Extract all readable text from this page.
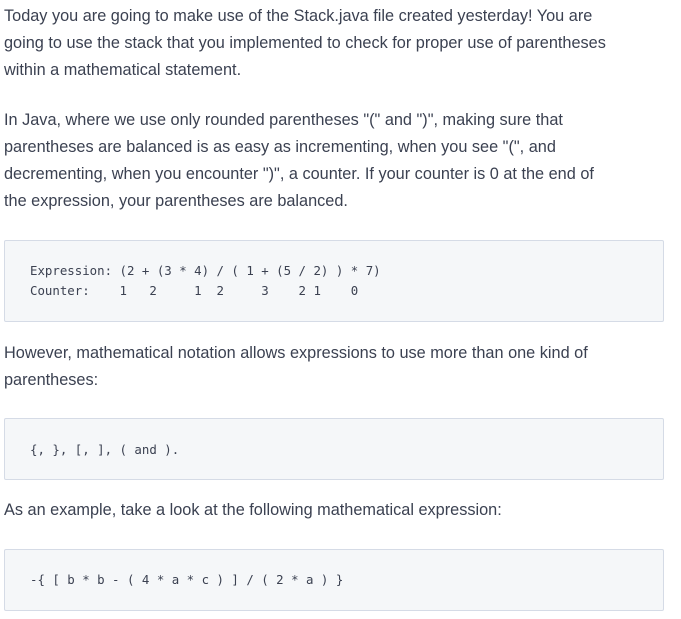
Today you are going to make use of the Stack.java file created yesterday! You are
going to use the stack that you implemented to check for proper use of parentheses
within a mathematical statement.

In Java, where we use only rounded parentheses "(" and ")", making sure that
parentheses are balanced is as easy as incrementing, when you see "(", and
decrementing, when you encounter ")", a counter. If your counter is 0 at the end of
the expression, your parentheses are balanced.

Expression: (2 + (3 * 4) / ( 1 + (5 / 2) ) * 7)
Counter:    1   2     1  2     3    2 1    0

However, mathematical notation allows expressions to use more than one kind of
parentheses:

{, }, [, ], ( and ).

As an example, take a look at the following mathematical expression:

-{ [ b * b - ( 4 * a * c ) ] / ( 2 * a ) }
